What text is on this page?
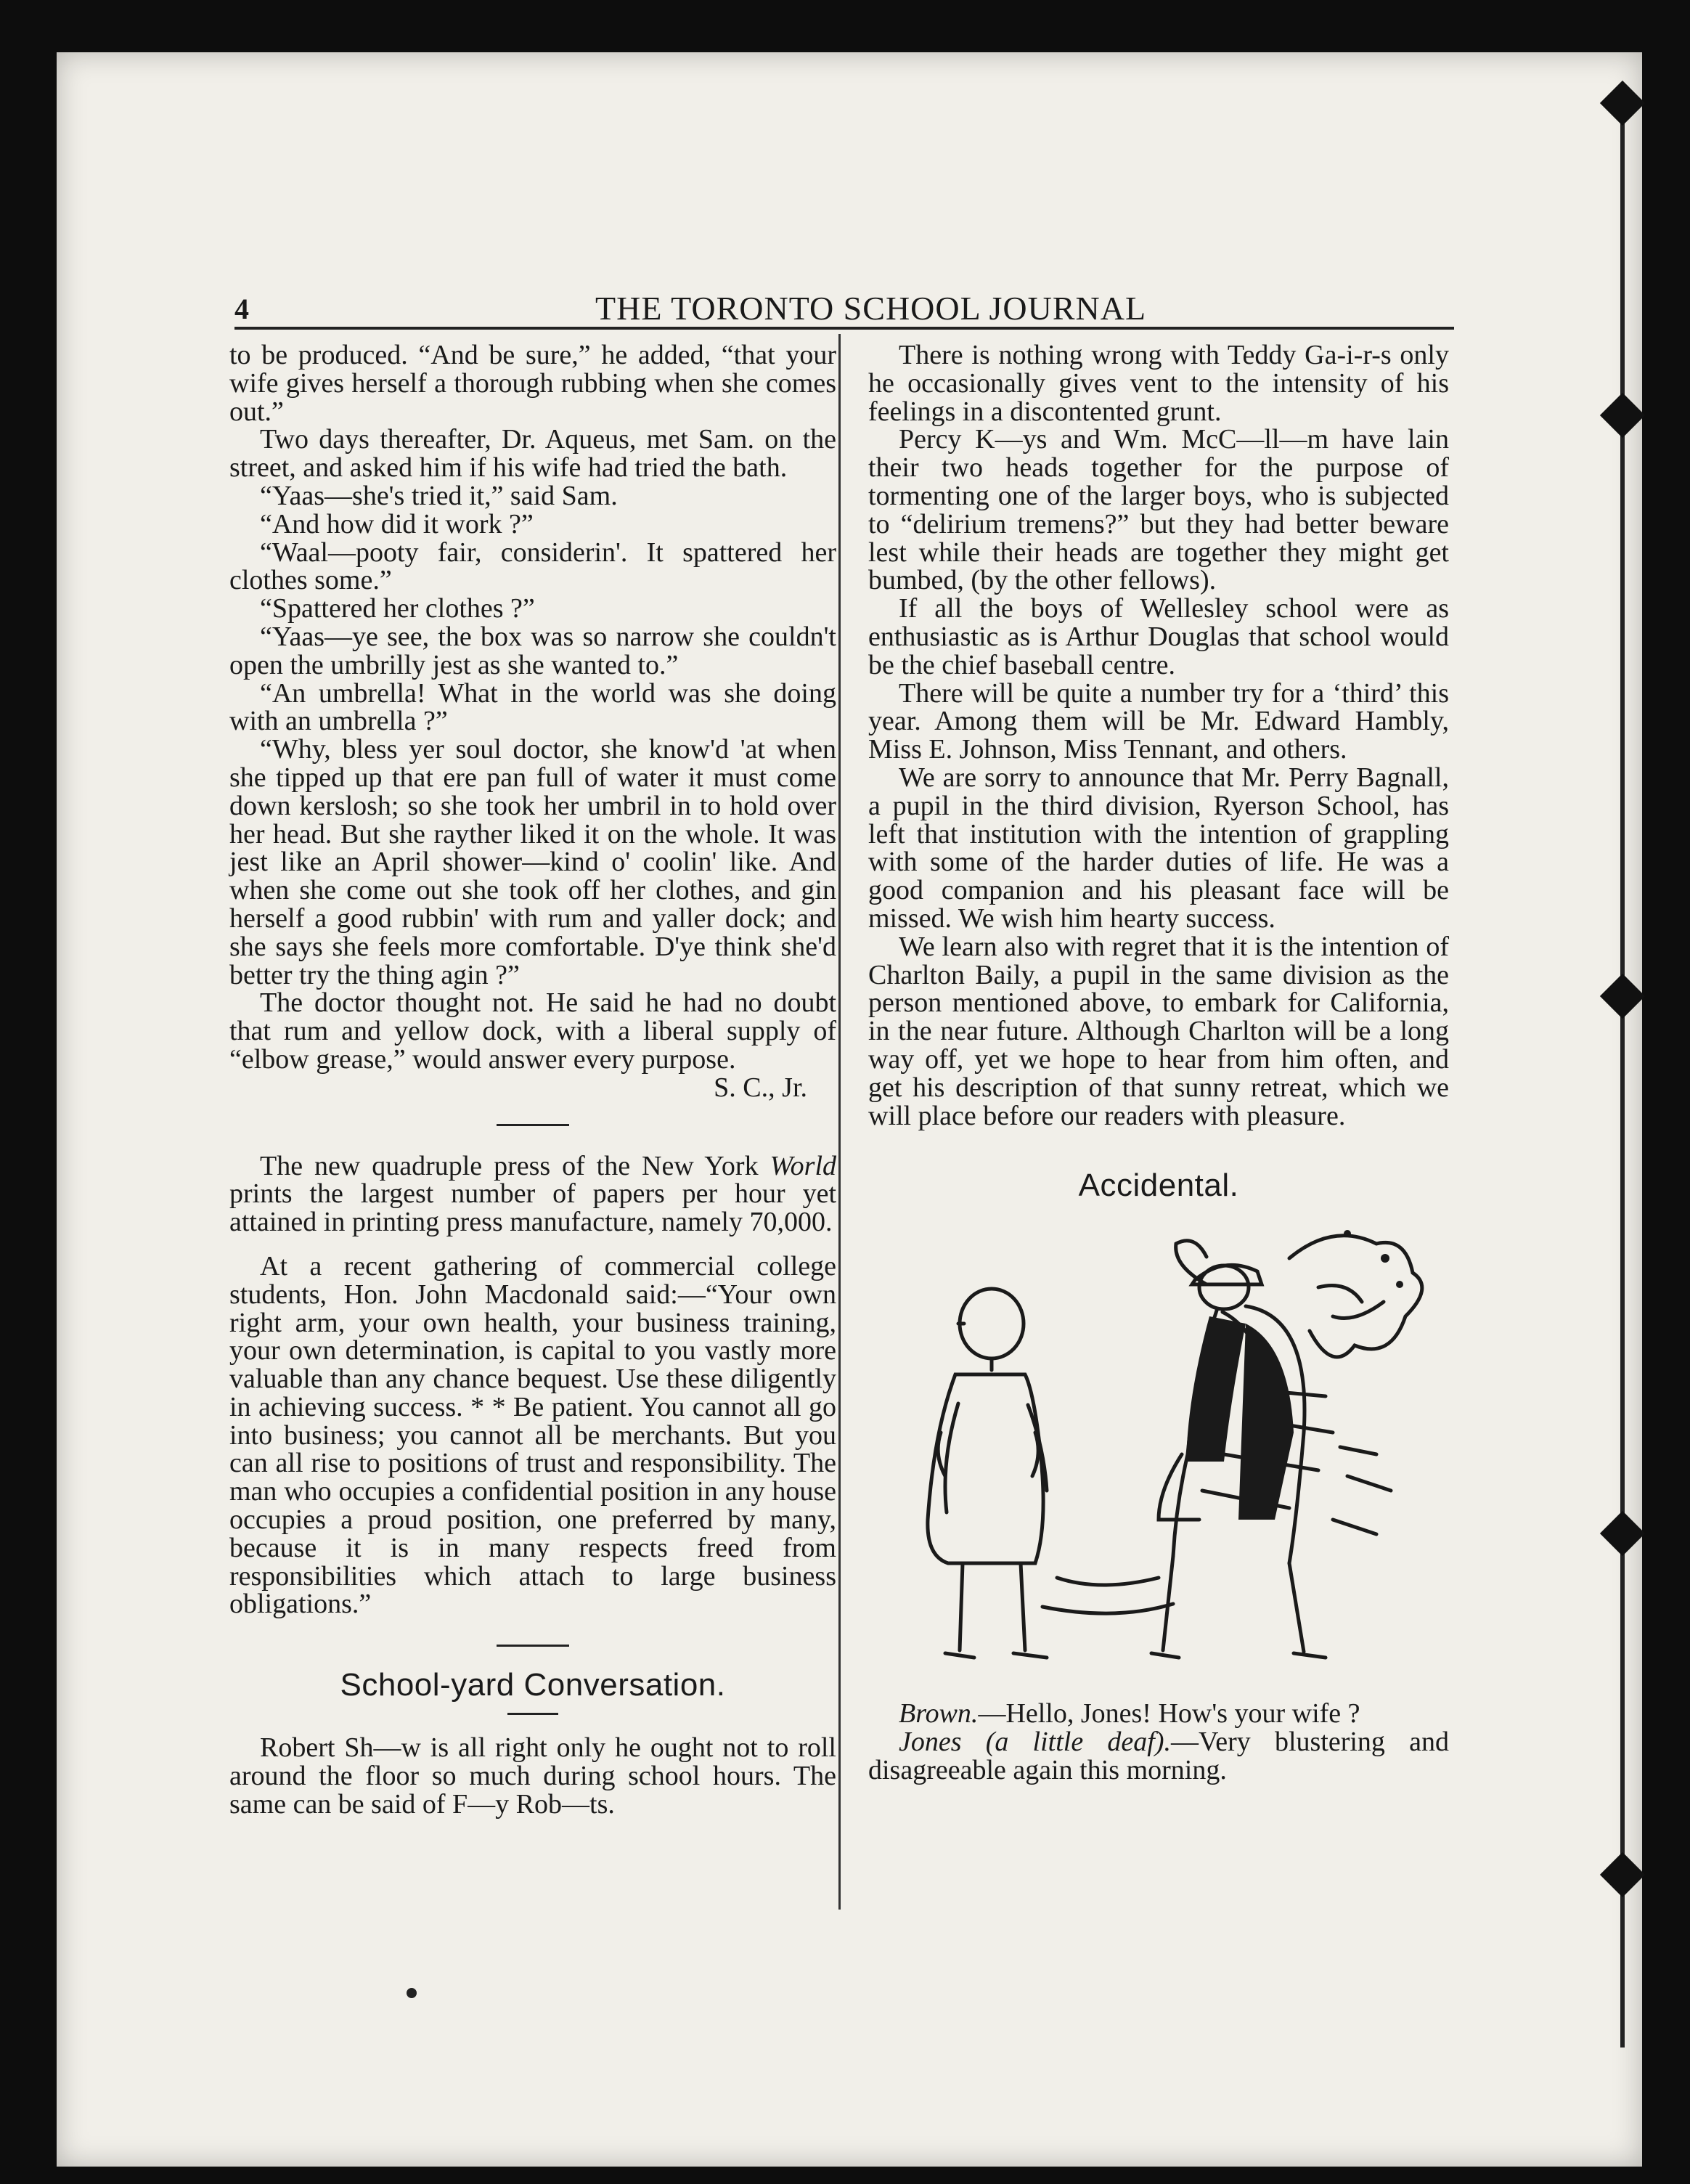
4	THE TORONTO SCHOOL JOURNAL

to be produced. “And be sure,” he added, “that your wife gives herself a thorough rubbing when she comes out.”

Two days thereafter, Dr. Aqueus, met Sam. on the street, and asked him if his wife had tried the bath.

“Yaas—she's tried it,” said Sam.

“And how did it work ?”

“Waal—pooty fair, considerin'. It spattered her clothes some.”

“Spattered her clothes ?”

“Yaas—ye see, the box was so narrow she couldn't open the umbrilly jest as she wanted to.”

“An umbrella! What in the world was she doing with an umbrella ?”

“Why, bless yer soul doctor, she know'd 'at when she tipped up that ere pan full of water it must come down kerslosh; so she took her umbril in to hold over her head. But she rayther liked it on the whole. It was jest like an April shower—kind o' coolin' like. And when she come out she took off her clothes, and gin herself a good rubbin' with rum and yaller dock; and she says she feels more comfortable. D'ye think she'd better try the thing agin ?”

The doctor thought not. He said he had no doubt that rum and yellow dock, with a liberal supply of “elbow grease,” would answer every purpose.

S. C., Jr.

The new quadruple press of the New York World prints the largest number of papers per hour yet attained in printing press manufacture, namely 70,000.

At a recent gathering of commercial college students, Hon. John Macdonald said:—“Your own right arm, your own health, your business training, your own determination, is capital to you vastly more valuable than any chance bequest. Use these diligently in achieving success. * * Be patient. You cannot all go into business; you cannot all be merchants. But you can all rise to positions of trust and responsibility. The man who occupies a confidential position in any house occupies a proud position, one preferred by many, because it is in many respects freed from responsibilities which attach to large business obligations.”

School-yard Conversation.

Robert Sh—w is all right only he ought not to roll around the floor so much during school hours. The same can be said of F—y Rob—ts.

There is nothing wrong with Teddy Ga-i-r-s only he occasionally gives vent to the intensity of his feelings in a discontented grunt.

Percy K—ys and Wm. McC—ll—m have lain their two heads together for the purpose of tormenting one of the larger boys, who is subjected to “delirium tremens?” but they had better beware lest while their heads are together they might get bumbed, (by the other fellows).

If all the boys of Wellesley school were as enthusiastic as is Arthur Douglas that school would be the chief baseball centre.

There will be quite a number try for a ‘third’ this year. Among them will be Mr. Edward Hambly, Miss E. Johnson, Miss Tennant, and others.

We are sorry to announce that Mr. Perry Bagnall, a pupil in the third division, Ryerson School, has left that institution with the intention of grappling with some of the harder duties of life. He was a good companion and his pleasant face will be missed. We wish him hearty success.

We learn also with regret that it is the intention of Charlton Baily, a pupil in the same division as the person mentioned above, to embark for California, in the near future. Although Charlton will be a long way off, yet we hope to hear from him often, and get his description of that sunny retreat, which we will place before our readers with pleasure.

Accidental.

Brown.—Hello, Jones! How's your wife ?

Jones (a little deaf).—Very blustering and disagreeable again this morning.
